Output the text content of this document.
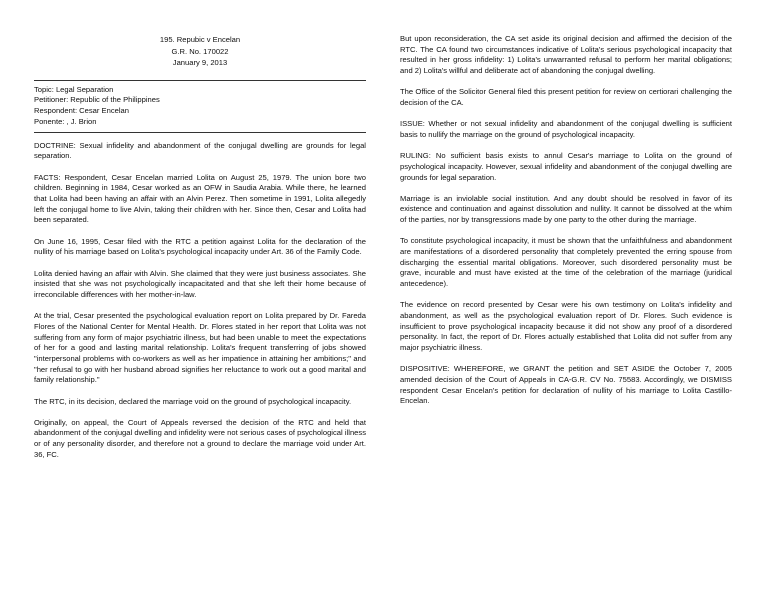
195. Repubic v Encelan
G.R. No. 170022
January 9, 2013
Topic: Legal Separation
Petitioner: Republic of the Philippines
Respondent: Cesar Encelan
Ponente: , J. Brion

DOCTRINE: Sexual infidelity and abandonment of the conjugal dwelling are grounds for legal separation.

FACTS: Respondent, Cesar Encelan married Lolita on August 25, 1979. The union bore two children. Beginning in 1984, Cesar worked as an OFW in Saudia Arabia. While there, he learned that Lolita had been having an affair with an Alvin Perez. Then sometime in 1991, Lolita allegedly left the conjugal home to live Alvin, taking their children with her. Since then, Cesar and Lolita had been separated.

On June 16, 1995, Cesar filed with the RTC a petition against Lolita for the declaration of the nullity of his marriage based on Lolita's psychological incapacity under Art. 36 of the Family Code.

Lolita denied having an affair with Alvin. She claimed that they were just business associates. She insisted that she was not psychologically incapacitated and that she left their home because of irreconcilable differences with her mother-in-law.

At the trial, Cesar presented the psychological evaluation report on Lolita prepared by Dr. Fareda Flores of the National Center for Mental Health. Dr. Flores stated in her report that Lolita was not suffering from any form of major psychiatric illness, but had been unable to meet the expectations of her for a good and lasting marital relationship. Lolita's frequent transferring of jobs showed "interpersonal problems with co-workers as well as her impatience in attaining her ambitions;" and "her refusal to go with her husband abroad signifies her reluctance to work out a good marital and family relationship."

The RTC, in its decision, declared the marriage void on the ground of psychological incapacity.

Originally, on appeal, the Court of Appeals reversed the decision of the RTC and held that abandonment of the conjugal dwelling and infidelity were not serious cases of psychological illness or of any personality disorder, and therefore not a ground to declare the marriage void under Art. 36, FC.

But upon reconsideration, the CA set aside its original decision and affirmed the decision of the RTC. The CA found two circumstances indicative of Lolita's serious psychological incapacity that resulted in her gross infidelity: 1) Lolita's unwarranted refusal to perform her marital obligations; and 2) Lolita's willful and deliberate act of abandoning the conjugal dwelling.

The Office of the Solicitor General filed this present petition for review on certiorari challenging the decision of the CA.

ISSUE: Whether or not sexual infidelity and abandonment of the conjugal dwelling is sufficient basis to nullify the marriage on the ground of psychological incapacity.

RULING: No sufficient basis exists to annul Cesar's marriage to Lolita on the ground of psychological incapacity. However, sexual infidelity and abandonment of the conjugal dwelling are grounds for legal separation.

Marriage is an inviolable social institution. And any doubt should be resolved in favor of its existence and continuation and against dissolution and nullity. It cannot be dissolved at the whim of the parties, nor by transgressions made by one party to the other during the marriage.

To constitute psychological incapacity, it must be shown that the unfaithfulness and abandonment are manifestations of a disordered personality that completely prevented the erring spouse from discharging the essential marital obligations. Moreover, such disordered personality must be grave, incurable and must have existed at the time of the celebration of the marriage (juridical antecedence).

The evidence on record presented by Cesar were his own testimony on Lolita's infidelity and abandonment, as well as the psychological evaluation report of Dr. Flores. Such evidence is insufficient to prove psychological incapacity because it did not show any proof of a disordered personality. In fact, the report of Dr. Flores actually established that Lolita did not suffer from any major psychiatric illness.

DISPOSITIVE: WHEREFORE, we GRANT the petition and SET ASIDE the October 7, 2005 amended decision of the Court of Appeals in CA-G.R. CV No. 75583. Accordingly, we DISMISS respondent Cesar Encelan's petition for declaration of nullity of his marriage to Lolita Castillo-Encelan.
